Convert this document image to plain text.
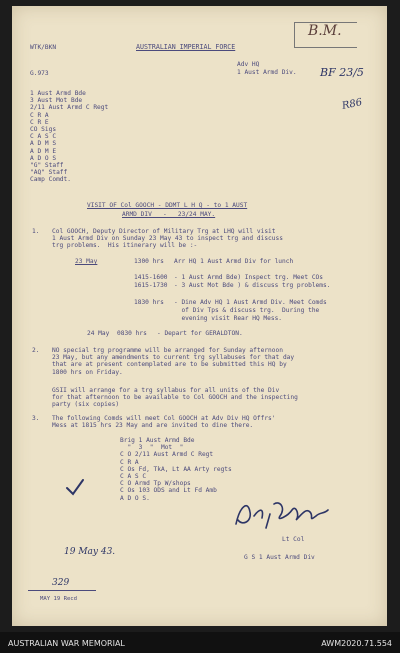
WTK/BKN	AUSTRALIAN IMPERIAL FORCE
G.973
Adv HQ
1 Aust Armd Div.
B.M.
BF 23/5
R86
1 Aust Armd Bde
3 Aust Mot Bde
2/11 Aust Armd C Regt
C R A
C R E
CO Sigs
C A S C
A D M S
A D M E
A D O S
"G" Staff
"AQ" Staff
Camp Comdt.
VISIT OF Col GOOCH - DDMT L H Q - to 1 AUST
ARMD DIV   -   23/24 MAY.
1. Col GOOCH, Deputy Director of Military Trg at LHQ will visit
1 Aust Armd Div on Sunday 23 May 43 to inspect trg and discuss
trg problems.  His itinerary will be :-
23 May	1300 hrs Arr HQ 1 Aust Armd Div for lunch
1415-1600 - 1 Aust Armd Bde) Inspect trg. Meet COs
1615-1730 - 3 Aust Mot Bde ) & discuss trg problems.
1830 hrs - Dine Adv HQ 1 Aust Armd Div. Meet Comds
of Div Tps & discuss trg.  During the
evening visit Rear HQ Mess.
24 May 0830 hrs - Depart for GERALDTON.
2. NO special trg programme will be arranged for Sunday afternoon
23 May, but any amendments to current trg syllabuses for that day
that are at present contemplated are to be submitted this HQ by
1800 hrs on Friday.
GSII will arrange for a trg syllabus for all units of the Div
for that afternoon to be available to Col GOOCH and the inspecting
party (six copies)
3. The following Comds will meet Col GOOCH at Adv Div HQ Offrs'
Mess at 1815 hrs 23 May and are invited to dine there.
Brig 1 Aust Armd Bde
"  3  "  Mot  "
C O 2/11 Aust Armd C Regt
C R A
C Os Fd, TkA, Lt AA Arty regts
C A S C
C O Armd Tp W/shops
C Os 103 ODS and Lt Fd Amb
A D O S.
Lt Col
G S 1 Aust Armd Div
19 May 43.
329
MAY 19 Recd
AUSTRALIAN WAR MEMORIAL	AWM2020.71.554
